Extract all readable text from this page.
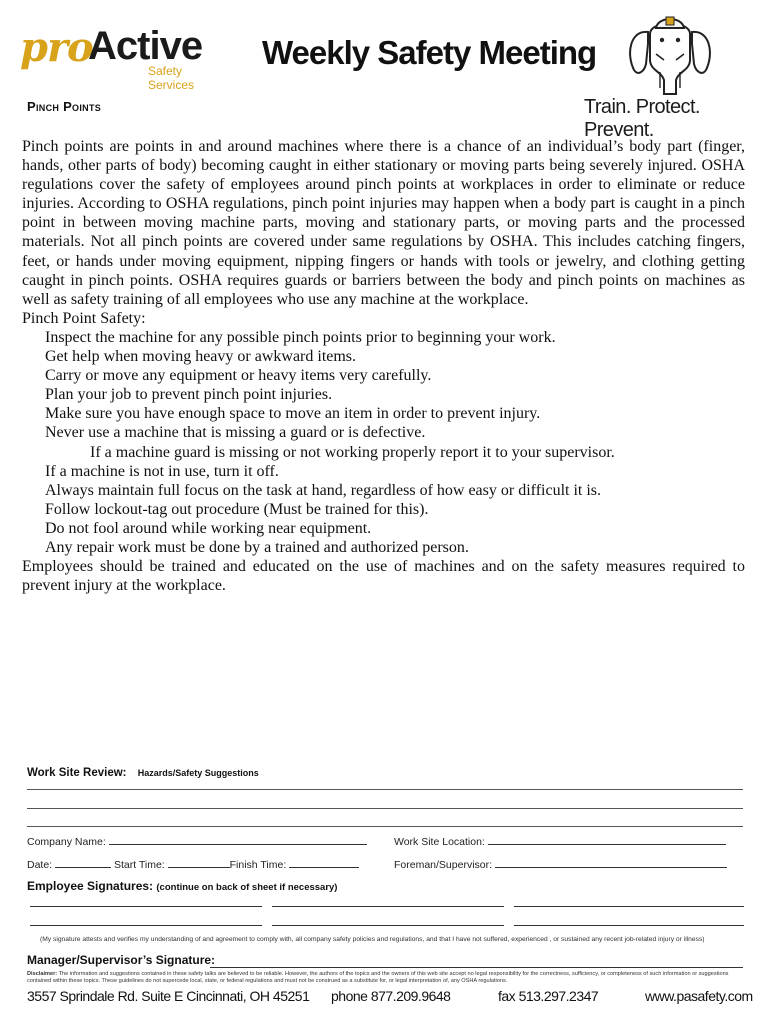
pro
Active
Safety Services
Weekly Safety Meeting
Train. Protect. Prevent.
Pinch Points

Pinch points are points in and around machines where there is a chance of an individual’s body part (finger, hands, other parts of body) becoming caught in either stationary or moving parts being severely injured. OSHA regulations cover the safety of employees around pinch points at workplaces in order to eliminate or reduce injuries. According to OSHA regulations, pinch point injuries may happen when a body part is caught in a pinch point in between moving machine parts, moving and stationary parts, or moving parts and the processed materials. Not all pinch points are covered under same regulations by OSHA. This includes catching fingers, feet, or hands under moving equipment, nipping fingers or hands with tools or jewelry, and clothing getting caught in pinch points. OSHA requires guards or barriers between the body and pinch points on machines as well as safety training of all employees who use any machine at the workplace.

Pinch Point Safety:

Inspect the machine for any possible pinch points prior to beginning your work.
Get help when moving heavy or awkward items.
Carry or move any equipment or heavy items very carefully.
Plan your job to prevent pinch point injuries.
Make sure you have enough space to move an item in order to prevent injury.
Never use a machine that is missing a guard or is defective.
If a machine guard is missing or not working properly report it to your supervisor.
If a machine is not in use, turn it off.
Always maintain full focus on the task at hand, regardless of how easy or difficult it is.
Follow lockout-tag out procedure (Must be trained for this).
Do not fool around while working near equipment.
Any repair work must be done by a trained and authorized person.

Employees should be trained and educated on the use of machines and on the safety measures required to prevent injury at the workplace.

Work Site Review: Hazards/Safety Suggestions
Company Name:	Work Site Location:
Date:	Start Time:	Finish Time:	Foreman/Supervisor:
Employee Signatures: (continue on back of sheet if necessary)
(My signature attests and verifies my understanding of and agreement to comply with, all company safety policies and regulations, and that I have not suffered, experienced , or sustained any recent job-related injury or illness)
Manager/Supervisor’s Signature:
Disclaimer: The information and suggestions contained in these safety talks are believed to be reliable. However, the authors of the topics and the owners of this web site accept no legal responsibility for the correctness, sufficiency, or completeness of such information or suggestions contained within these topics. These guidelines do not supercede local, state, or federal regulations and must not be construed as a substitute for, or legal interpretation of, any OSHA regulations.
3557 Sprindale Rd. Suite E Cincinnati, OH 45251 phone 877.209.9648	fax 513.297.2347	www.pasafety.com
